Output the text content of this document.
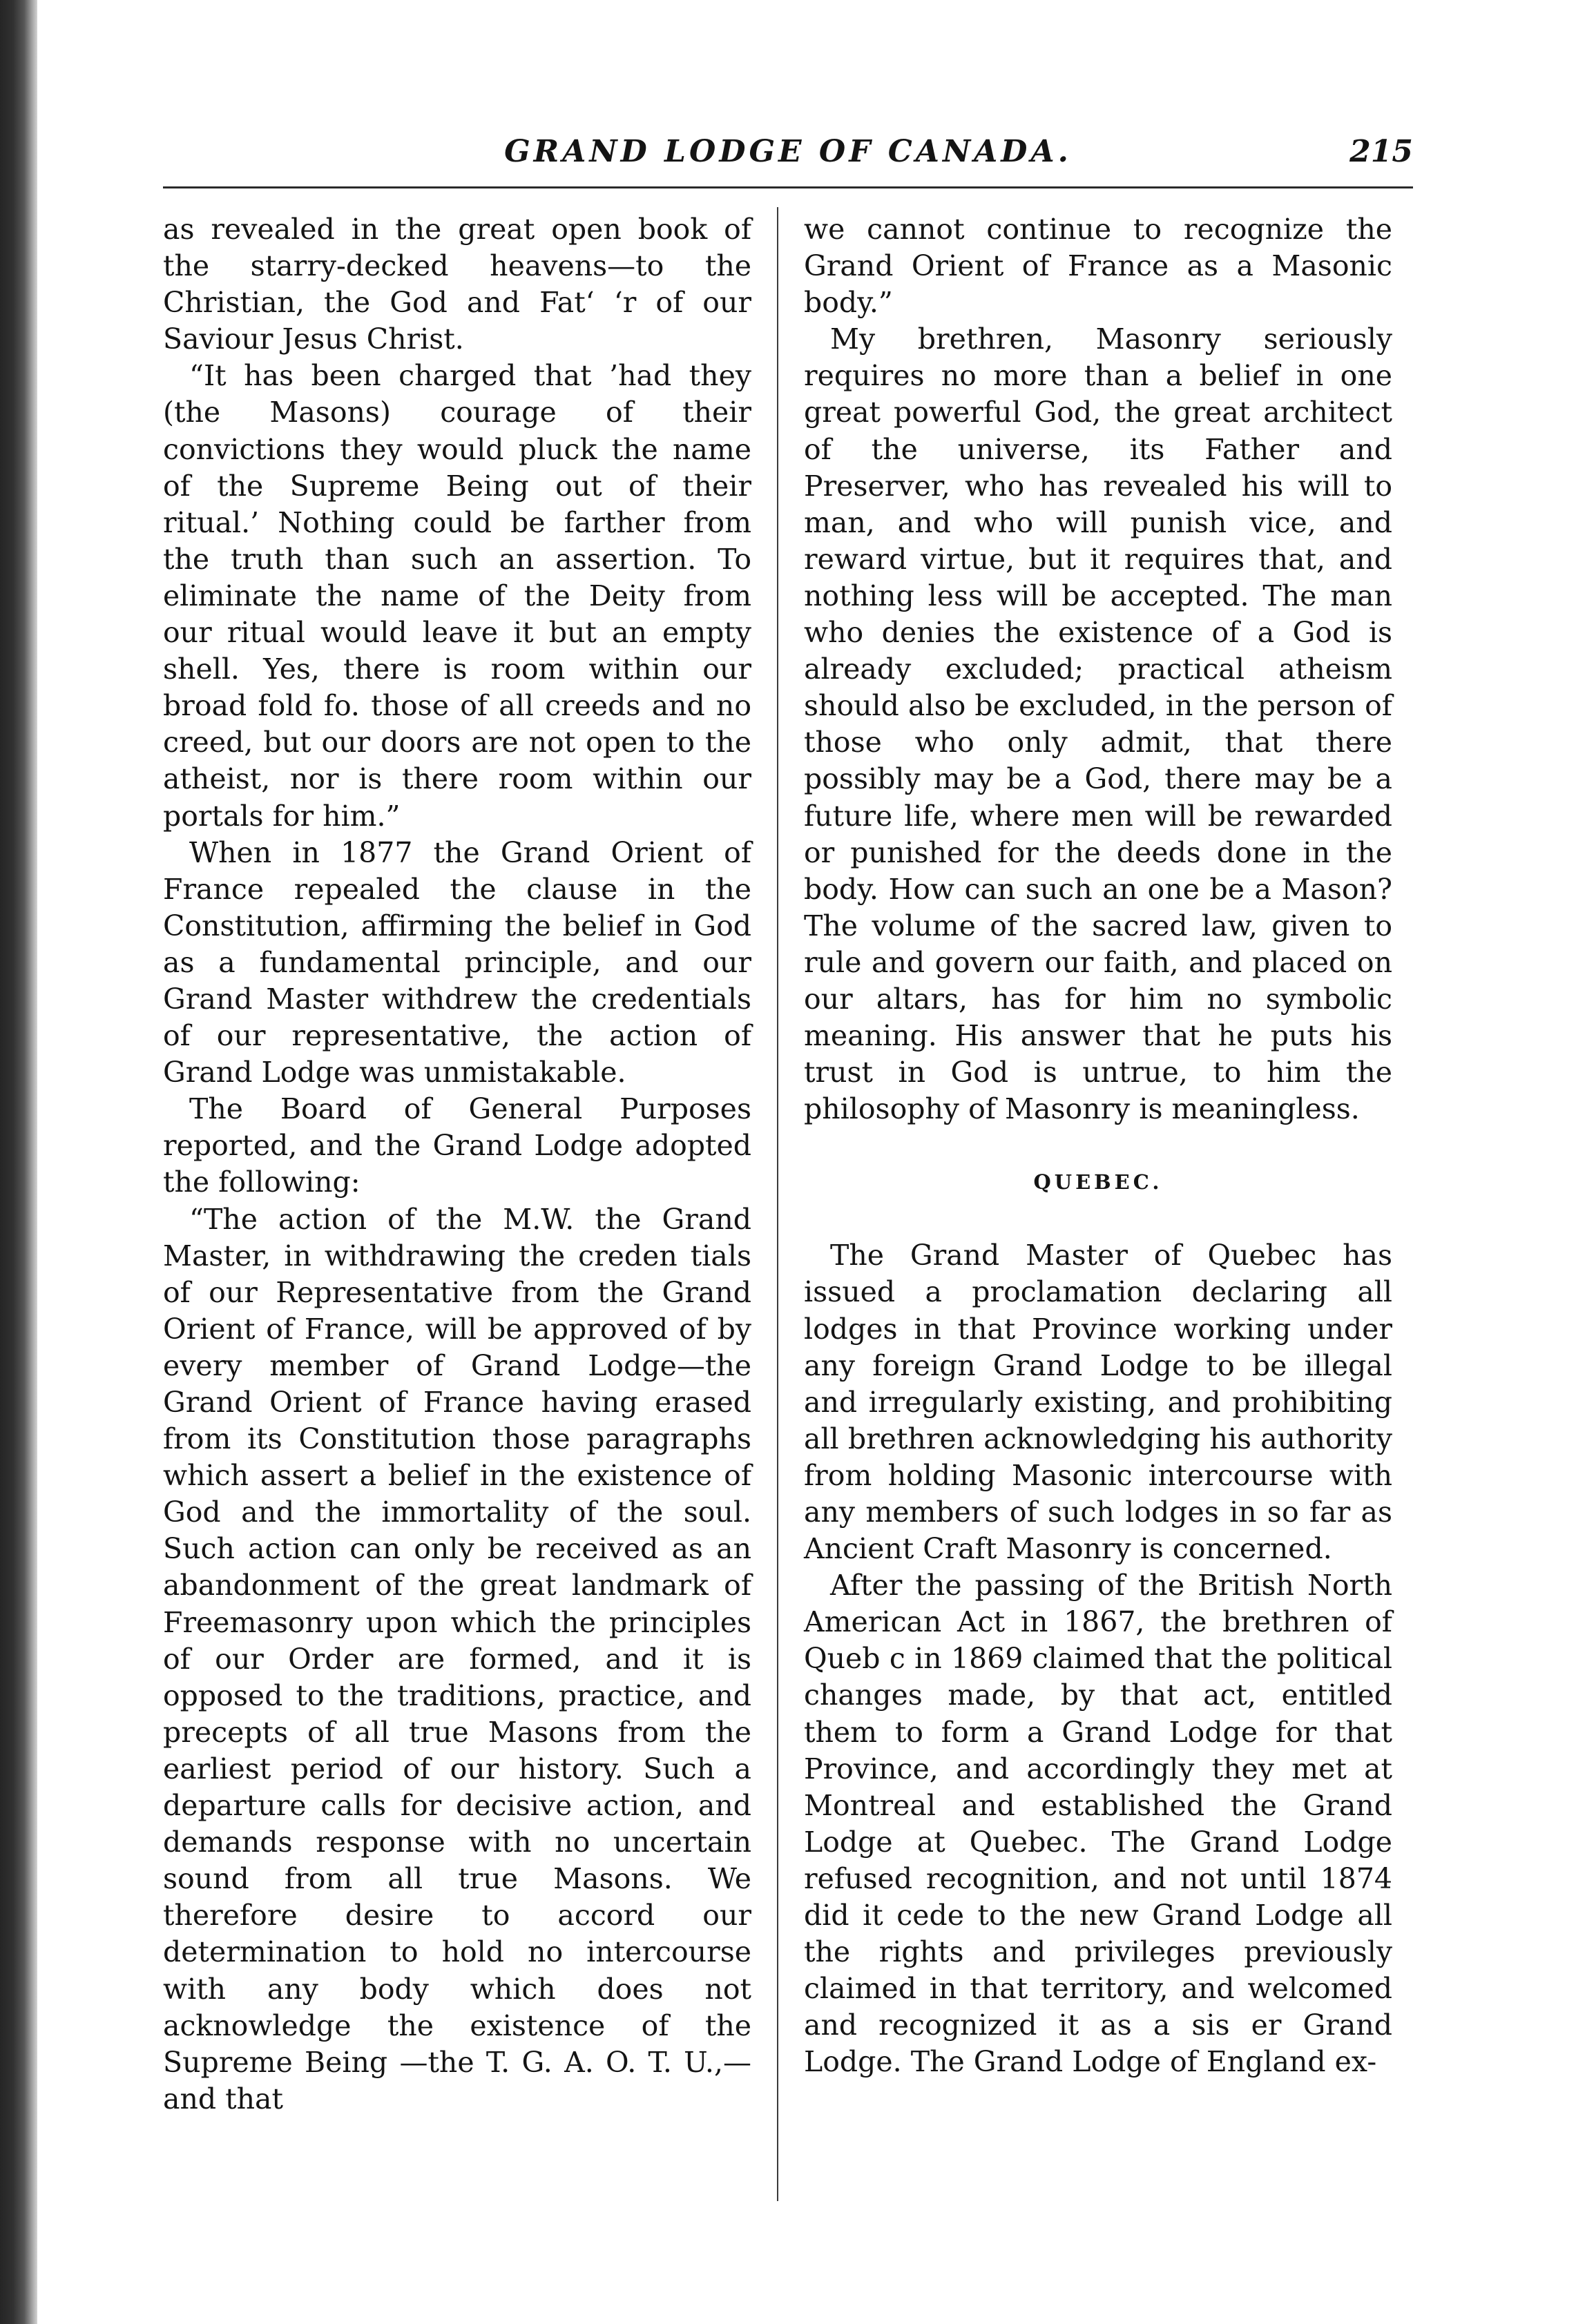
GRAND LODGE OF CANADA.	215

as revealed in the great open book of the starry-decked heavens—to the Christian, the God and Fat‘ ‘r of our Saviour Jesus Christ.

“It has been charged that ’had they (the Masons) courage of their convictions they would pluck the name of the Supreme Being out of their ritual.’ Nothing could be farther from the truth than such an assertion. To eliminate the name of the Deity from our ritual would leave it but an empty shell. Yes, there is room within our broad fold fo. those of all creeds and no creed, but our doors are not open to the atheist, nor is there room within our portals for him.”

When in 1877 the Grand Orient of France repealed the clause in the Constitution, affirming the belief in God as a fundamental principle, and our Grand Master withdrew the credentials of our representative, the action of Grand Lodge was unmistakable.

The Board of General Purposes reported, and the Grand Lodge adopted the following:

“The action of the M.W. the Grand Master, in withdrawing the creden tials of our Representative from the Grand Orient of France, will be approved of by every member of Grand Lodge—the Grand Orient of France having erased from its Constitution those paragraphs which assert a belief in the existence of God and the immortality of the soul. Such action can only be received as an abandonment of the great landmark of Freemasonry upon which the principles of our Order are formed, and it is opposed to the traditions, practice, and precepts of all true Masons from the earliest period of our history. Such a departure calls for decisive action, and demands response with no uncertain sound from all true Masons. We therefore desire to accord our determination to hold no intercourse with any body which does not acknowledge the existence of the Supreme Being —the T. G. A. O. T. U.,—and that

we cannot continue to recognize the Grand Orient of France as a Masonic body.”

My brethren, Masonry seriously requires no more than a belief in one great powerful God, the great architect of the universe, its Father and Preserver, who has revealed his will to man, and who will punish vice, and reward virtue, but it requires that, and nothing less will be accepted. The man who denies the existence of a God is already excluded; practical atheism should also be excluded, in the person of those who only admit, that there possibly may be a God, there may be a future life, where men will be rewarded or punished for the deeds done in the body. How can such an one be a Mason? The volume of the sacred law, given to rule and govern our faith, and placed on our altars, has for him no symbolic meaning. His answer that he puts his trust in God is untrue, to him the philosophy of Masonry is meaningless.

QUEBEC.

The Grand Master of Quebec has issued a proclamation declaring all lodges in that Province working under any foreign Grand Lodge to be illegal and irregularly existing, and prohibiting all brethren acknowledging his authority from holding Masonic intercourse with any members of such lodges in so far as Ancient Craft Masonry is concerned.

After the passing of the British North American Act in 1867, the brethren of Queb c in 1869 claimed that the political changes made, by that act, entitled them to form a Grand Lodge for that Province, and accordingly they met at Montreal and established the Grand Lodge at Quebec. The Grand Lodge refused recognition, and not until 1874 did it cede to the new Grand Lodge all the rights and privileges previously claimed in that territory, and welcomed and recognized it as a sis er Grand Lodge. The Grand Lodge of England ex-
